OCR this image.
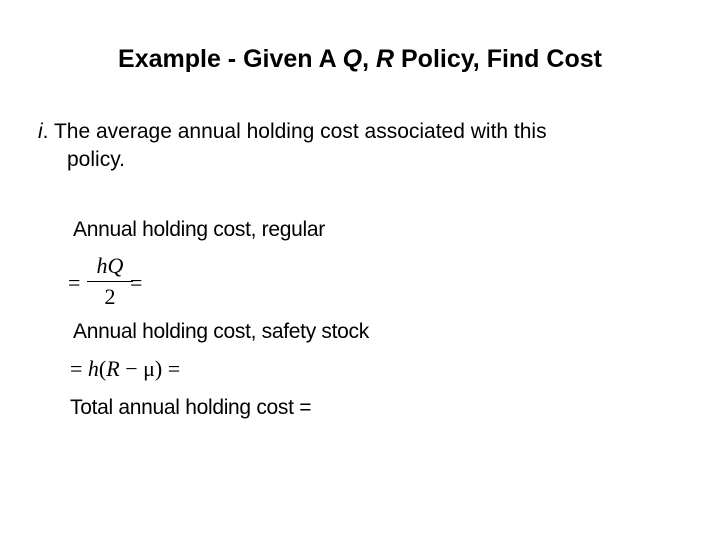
Example - Given A Q, R Policy, Find Cost
i. The average annual holding cost associated with this
policy.
Annual holding cost, regular
=
hQ
2
=
Annual holding cost, safety stock
= h(R − μ) =
Total annual holding cost =
